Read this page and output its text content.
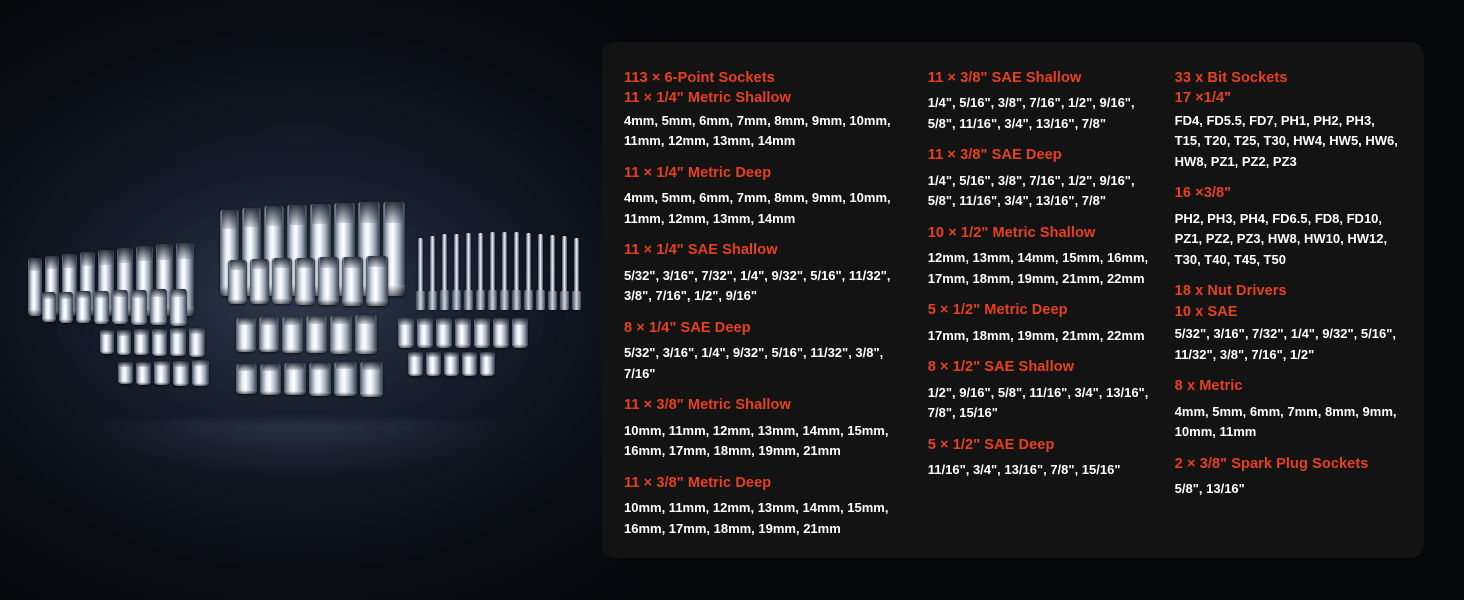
113 × 6-Point Sockets
11 × 1/4" Metric Shallow
4mm, 5mm, 6mm, 7mm, 8mm, 9mm, 10mm, 11mm, 12mm, 13mm, 14mm
11 × 1/4" Metric Deep
4mm, 5mm, 6mm, 7mm, 8mm, 9mm, 10mm, 11mm, 12mm, 13mm, 14mm
11 × 1/4" SAE Shallow
5/32", 3/16", 7/32", 1/4", 9/32", 5/16", 11/32", 3/8", 7/16", 1/2", 9/16"
8 × 1/4" SAE Deep
5/32", 3/16", 1/4", 9/32", 5/16", 11/32", 3/8", 7/16"
11 × 3/8" Metric Shallow
10mm, 11mm, 12mm, 13mm, 14mm, 15mm, 16mm, 17mm, 18mm, 19mm, 21mm
11 × 3/8" Metric Deep
10mm, 11mm, 12mm, 13mm, 14mm, 15mm, 16mm, 17mm, 18mm, 19mm, 21mm
11 × 3/8" SAE Shallow
1/4", 5/16", 3/8", 7/16", 1/2", 9/16", 5/8", 11/16", 3/4", 13/16", 7/8"
11 × 3/8" SAE Deep
1/4", 5/16", 3/8", 7/16", 1/2", 9/16", 5/8", 11/16", 3/4", 13/16", 7/8"
10 × 1/2" Metric Shallow
12mm, 13mm, 14mm, 15mm, 16mm, 17mm, 18mm, 19mm, 21mm, 22mm
5 × 1/2" Metric Deep
17mm, 18mm, 19mm, 21mm, 22mm
8 × 1/2" SAE Shallow
1/2", 9/16", 5/8", 11/16", 3/4", 13/16", 7/8", 15/16"
5 × 1/2" SAE Deep
11/16", 3/4", 13/16", 7/8", 15/16"
33 x Bit Sockets
17 ×1/4"
FD4, FD5.5, FD7, PH1, PH2, PH3, T15, T20, T25, T30, HW4, HW5, HW6, HW8, PZ1, PZ2, PZ3
16 ×3/8"
PH2, PH3, PH4, FD6.5, FD8, FD10, PZ1, PZ2, PZ3, HW8, HW10, HW12, T30, T40, T45, T50
18 x Nut Drivers
10 x SAE
5/32", 3/16", 7/32", 1/4", 9/32", 5/16", 11/32", 3/8", 7/16", 1/2"
8 x Metric
4mm, 5mm, 6mm, 7mm, 8mm, 9mm, 10mm, 11mm
2 × 3/8" Spark Plug Sockets
5/8", 13/16"
